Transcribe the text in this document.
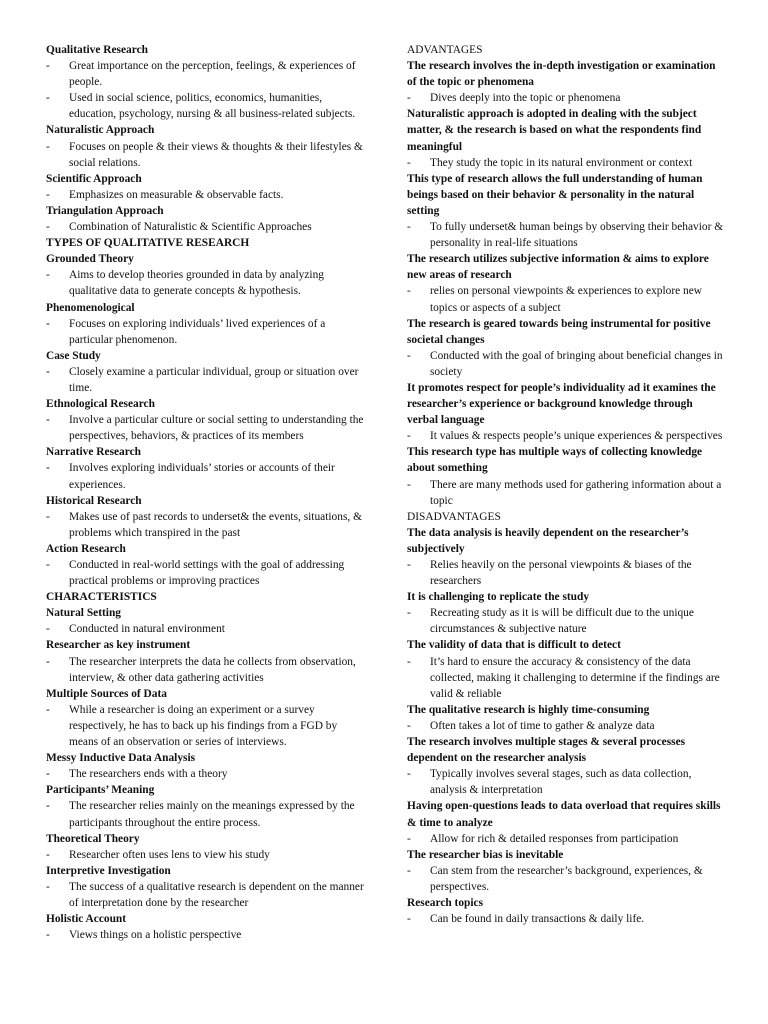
Qualitative Research
-	Great importance on the perception, feelings, & experiences of people.
-	Used in social science, politics, economics, humanities, education, psychology, nursing & all business-related subjects.
Naturalistic Approach
-	Focuses on people & their views & thoughts & their lifestyles & social relations.
Scientific Approach
-	Emphasizes on measurable & observable facts.
Triangulation Approach
-	Combination of Naturalistic & Scientific Approaches
TYPES OF QUALITATIVE RESEARCH
Grounded Theory
-	Aims to develop theories grounded in data by analyzing qualitative data to generate concepts & hypothesis.
Phenomenological
-	Focuses on exploring individuals’ lived experiences of a particular phenomenon.
Case Study
-	Closely examine a particular individual, group or situation over time.
Ethnological Research
-	Involve a particular culture or social setting to understanding the perspectives, behaviors, & practices of its members
Narrative Research
-	Involves exploring individuals’ stories or accounts of their experiences.
Historical Research
-	Makes use of past records to underset& the events, situations, & problems which transpired in the past
Action Research
-	Conducted in real-world settings with the goal of addressing practical problems or improving practices
CHARACTERISTICS
Natural Setting
-	Conducted in natural environment
Researcher as key instrument
-	The researcher interprets the data he collects from observation, interview, & other data gathering activities
Multiple Sources of Data
-	While a researcher is doing an experiment or a survey respectively, he has to back up his findings from a FGD by means of an observation or series of interviews.
Messy Inductive Data Analysis
-	The researchers ends with a theory
Participants’ Meaning
-	The researcher relies mainly on the meanings expressed by the participants throughout the entire process.
Theoretical Theory
-	Researcher often uses lens to view his study
Interpretive Investigation
-	The success of a qualitative research is dependent on the manner of interpretation done by the researcher
Holistic Account
-	Views things on a holistic perspective
ADVANTAGES
The research involves the in-depth investigation or examination of the topic or phenomena
-	Dives deeply into the topic or phenomena
Naturalistic approach is adopted in dealing with the subject matter, & the research is based on what the respondents find meaningful
-	They study the topic in its natural environment or context
This type of research allows the full understanding of human beings based on their behavior & personality in the natural setting
-	To fully underset& human beings by observing their behavior & personality in real-life situations
The research utilizes subjective information & aims to explore new areas of research
-	relies on personal viewpoints & experiences to explore new topics or aspects of a subject
The research is geared towards being instrumental for positive societal changes
-	Conducted with the goal of bringing about beneficial changes in society
It promotes respect for people’s individuality ad it examines the researcher’s experience or background knowledge through verbal language
-	It values & respects people’s unique experiences & perspectives
This research type has multiple ways of collecting knowledge about something
-	There are many methods used for gathering information about a topic
DISADVANTAGES
The data analysis is heavily dependent on the researcher’s subjectively
-	Relies heavily on the personal viewpoints & biases of the researchers
It is challenging to replicate the study
-	Recreating study as it is will be difficult due to the unique circumstances & subjective nature
The validity of data that is difficult to detect
-	It’s hard to ensure the accuracy & consistency of the data collected, making it challenging to determine if the findings are valid & reliable
The qualitative research is highly time-consuming
-	Often takes a lot of time to gather & analyze data
The research involves multiple stages & several processes dependent on the researcher analysis
-	Typically involves several stages, such as data collection, analysis & interpretation
Having open-questions leads to data overload that requires skills & time to analyze
-	Allow for rich & detailed responses from participation
The researcher bias is inevitable
-	Can stem from the researcher’s background, experiences, & perspectives.
Research topics
-	Can be found in daily transactions & daily life.
